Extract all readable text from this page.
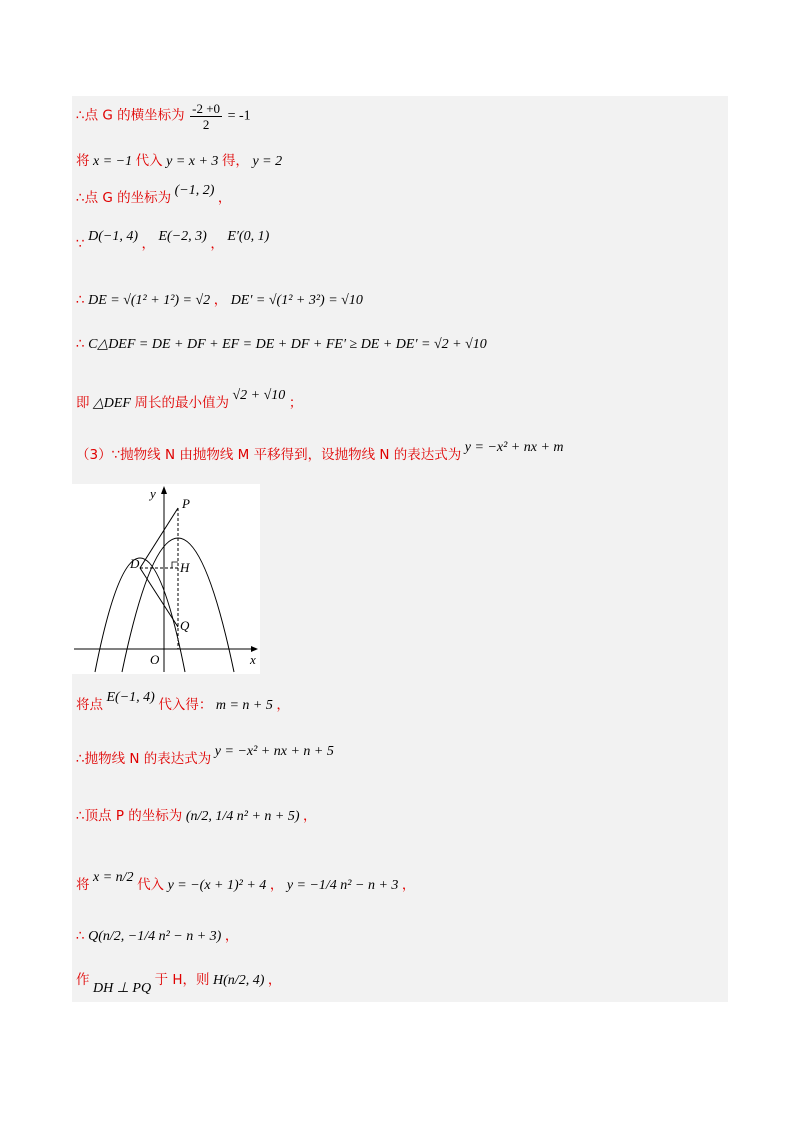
∴点 G 的横坐标为 $\frac{-2 +0}{2} = -1$
将 x = −1 代入 y = x + 3 得， y = 2
∴点 G 的坐标为 (−1, 2) ，
∵ D(−1, 4) ， E(−2, 3) ， E′(0, 1)
∴ DE = √(1² + 1²) = √2 ， DE′ = √(1² + 3²) = √10
∴ C△DEF = DE + DF + EF = DE + DF + FE′ ≥ DE + DE′ = √2 + √10
即 △DEF 周长的最小值为 √2 + √10 ；
（3）∵抛物线 N 由抛物线 M 平移得到，设抛物线 N 的表达式为 y = −x² + nx + m
y
x
P
D	H
Q
O
将点 E(−1, 4) 代入得： m = n + 5 ，
∴抛物线 N 的表达式为 y = −x² + nx + n + 5
∴顶点 P 的坐标为 (n/2, 1/4 n² + n + 5) ，
将 x = n/2 代入 y = −(x + 1)² + 4 ， y = −1/4 n² − n + 3 ，
∴ Q(n/2, −1/4 n² − n + 3) ，
作 DH ⊥ PQ 于 H，则 H(n/2, 4) ，
